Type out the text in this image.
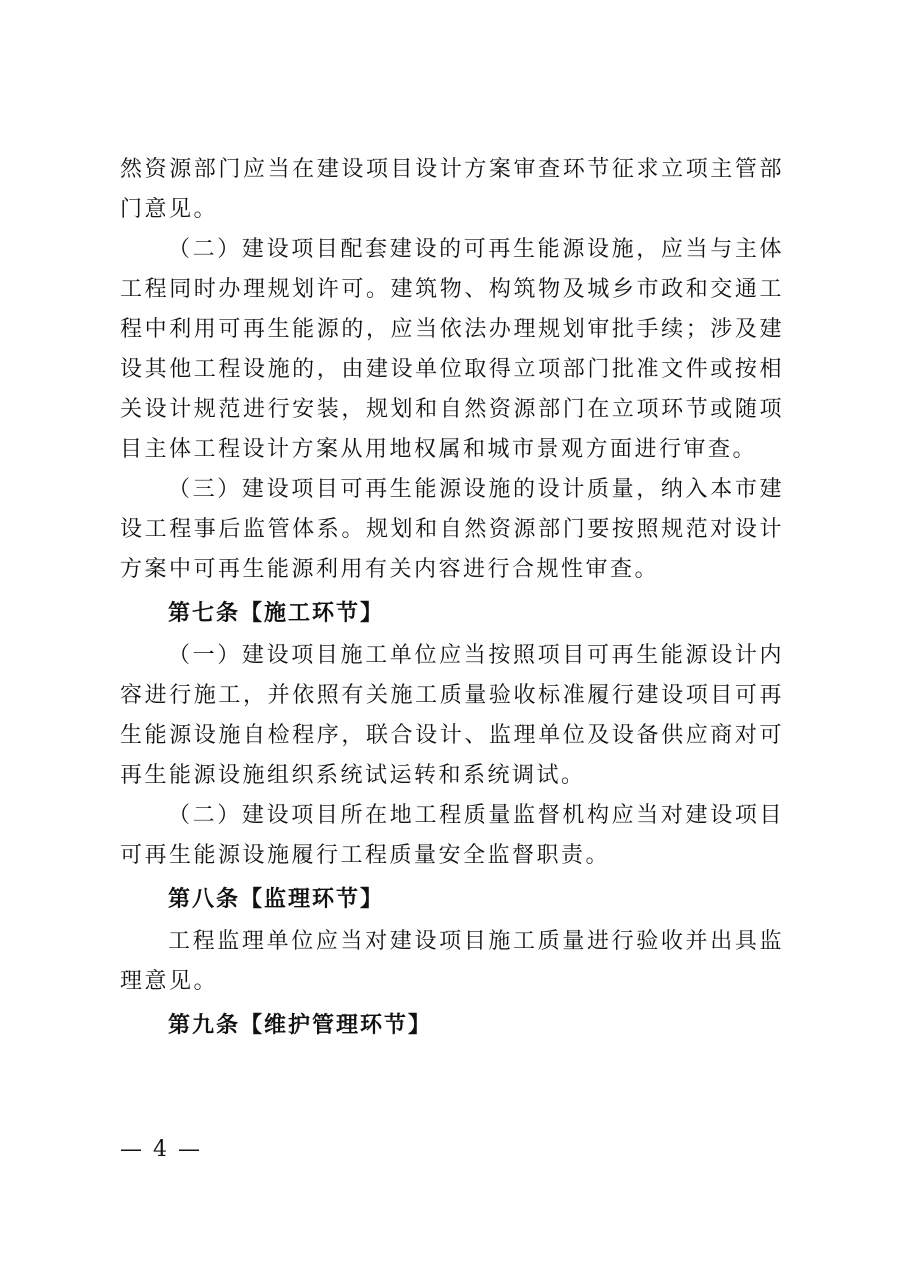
然资源部门应当在建设项目设计方案审查环节征求立项主管部门意见。

（二）建设项目配套建设的可再生能源设施，应当与主体工程同时办理规划许可。建筑物、构筑物及城乡市政和交通工程中利用可再生能源的，应当依法办理规划审批手续；涉及建设其他工程设施的，由建设单位取得立项部门批准文件或按相关设计规范进行安装，规划和自然资源部门在立项环节或随项目主体工程设计方案从用地权属和城市景观方面进行审查。

（三）建设项目可再生能源设施的设计质量，纳入本市建设工程事后监管体系。规划和自然资源部门要按照规范对设计方案中可再生能源利用有关内容进行合规性审查。

第七条【施工环节】

（一）建设项目施工单位应当按照项目可再生能源设计内容进行施工，并依照有关施工质量验收标准履行建设项目可再生能源设施自检程序，联合设计、监理单位及设备供应商对可再生能源设施组织系统试运转和系统调试。

（二）建设项目所在地工程质量监督机构应当对建设项目可再生能源设施履行工程质量安全监督职责。

第八条【监理环节】

工程监理单位应当对建设项目施工质量进行验收并出具监理意见。

第九条【维护管理环节】

— 4 —
